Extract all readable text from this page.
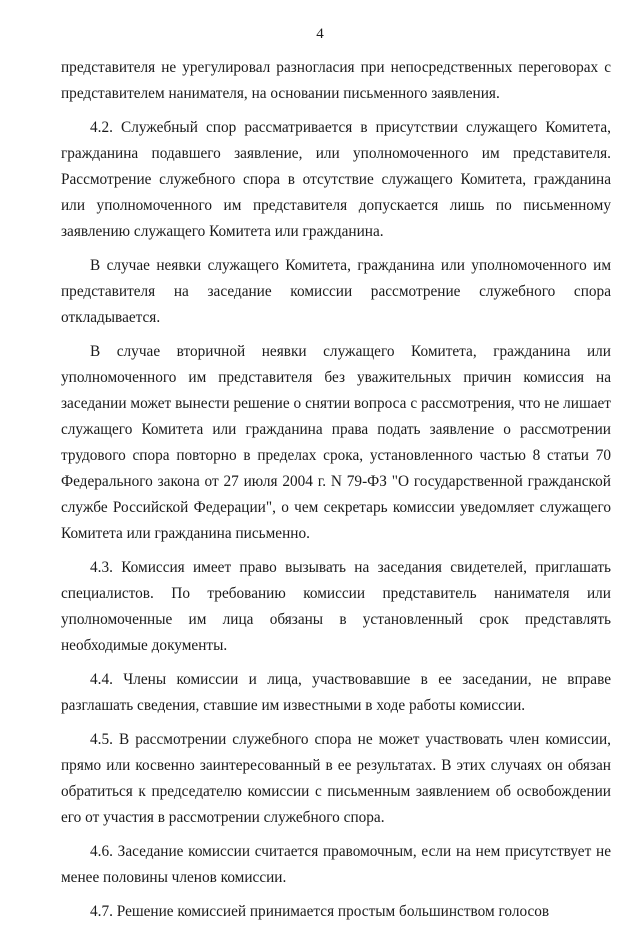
4

представителя не урегулировал разногласия при непосредственных переговорах с представителем нанимателя, на основании письменного заявления.

4.2. Служебный спор рассматривается в присутствии служащего Комитета, гражданина подавшего заявление, или уполномоченного им представителя. Рассмотрение служебного спора в отсутствие служащего Комитета, гражданина или уполномоченного им представителя допускается лишь по письменному заявлению служащего Комитета или гражданина.

В случае неявки служащего Комитета, гражданина или уполномоченного им представителя на заседание комиссии рассмотрение служебного спора откладывается.

В случае вторичной неявки служащего Комитета, гражданина или уполномоченного им представителя без уважительных причин комиссия на заседании может вынести решение о снятии вопроса с рассмотрения, что не лишает служащего Комитета или гражданина права подать заявление о рассмотрении трудового спора повторно в пределах срока, установленного частью 8 статьи 70 Федерального закона от 27 июля 2004 г. N 79-ФЗ "О государственной гражданской службе Российской Федерации", о чем секретарь комиссии уведомляет служащего Комитета или гражданина письменно.

4.3. Комиссия имеет право вызывать на заседания свидетелей, приглашать специалистов. По требованию комиссии представитель нанимателя или уполномоченные им лица обязаны в установленный срок представлять необходимые документы.

4.4. Члены комиссии и лица, участвовавшие в ее заседании, не вправе разглашать сведения, ставшие им известными в ходе работы комиссии.

4.5. В рассмотрении служебного спора не может участвовать член комиссии, прямо или косвенно заинтересованный в ее результатах. В этих случаях он обязан обратиться к председателю комиссии с письменным заявлением об освобождении его от участия в рассмотрении служебного спора.

4.6. Заседание комиссии считается правомочным, если на нем присутствует не менее половины членов комиссии.

4.7. Решение комиссией принимается простым большинством голосов
